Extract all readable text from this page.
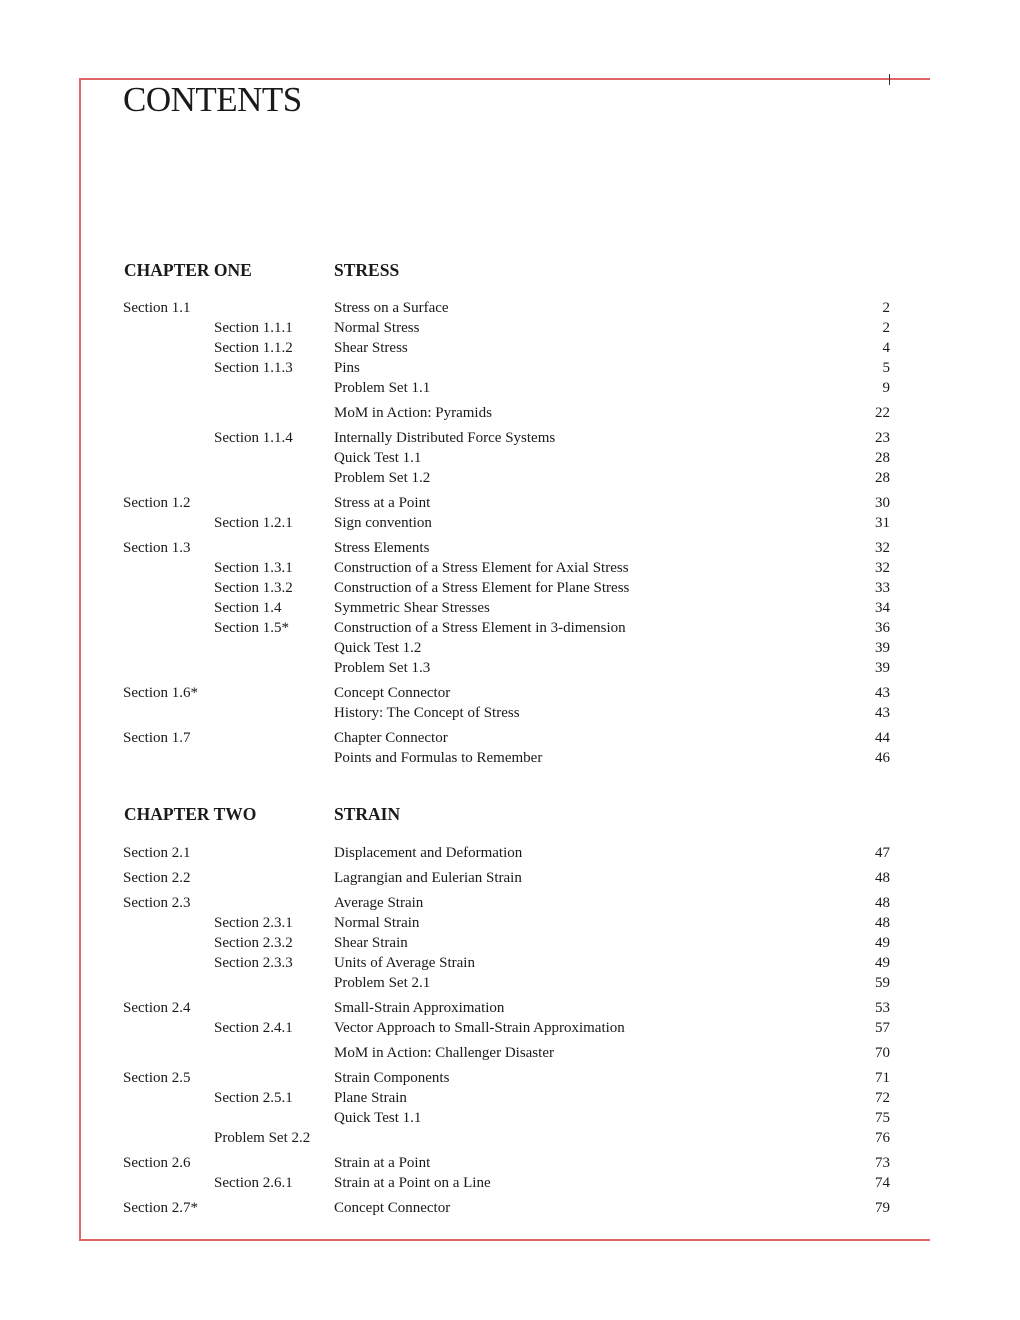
CONTENTS
CHAPTER ONE	STRESS
Section 1.1	Stress on a Surface	2
Section 1.1.1	Normal Stress	2
Section 1.1.2	Shear Stress	4
Section 1.1.3	Pins	5
Problem Set 1.1	9
MoM in Action: Pyramids	22
Section 1.1.4	Internally Distributed Force Systems	23
Quick Test 1.1	28
Problem Set 1.2	28
Section 1.2	Stress at a Point	30
Section 1.2.1	Sign convention	31
Section 1.3	Stress Elements	32
Section 1.3.1	Construction of a Stress Element for Axial Stress	32
Section 1.3.2	Construction of a Stress Element for Plane Stress	33
Section 1.4	Symmetric Shear Stresses	34
Section 1.5*	Construction of a Stress Element in 3-dimension	36
Quick Test 1.2	39
Problem Set 1.3	39
Section 1.6*	Concept Connector	43
History: The Concept of Stress	43
Section 1.7	Chapter Connector	44
Points and Formulas to Remember	46
CHAPTER TWO	STRAIN
Section 2.1	Displacement and Deformation	47
Section 2.2	Lagrangian and Eulerian Strain	48
Section 2.3	Average Strain	48
Section 2.3.1	Normal Strain	48
Section 2.3.2	Shear Strain	49
Section 2.3.3	Units of Average Strain	49
Problem Set 2.1	59
Section 2.4	Small-Strain Approximation	53
Section 2.4.1	Vector Approach to Small-Strain Approximation	57
MoM in Action: Challenger Disaster	70
Section 2.5	Strain Components	71
Section 2.5.1	Plane Strain	72
Quick Test 1.1	75
Problem Set 2.2	76
Section 2.6	Strain at a Point	73
Section 2.6.1	Strain at a Point on a Line	74
Section 2.7*	Concept Connector	79
